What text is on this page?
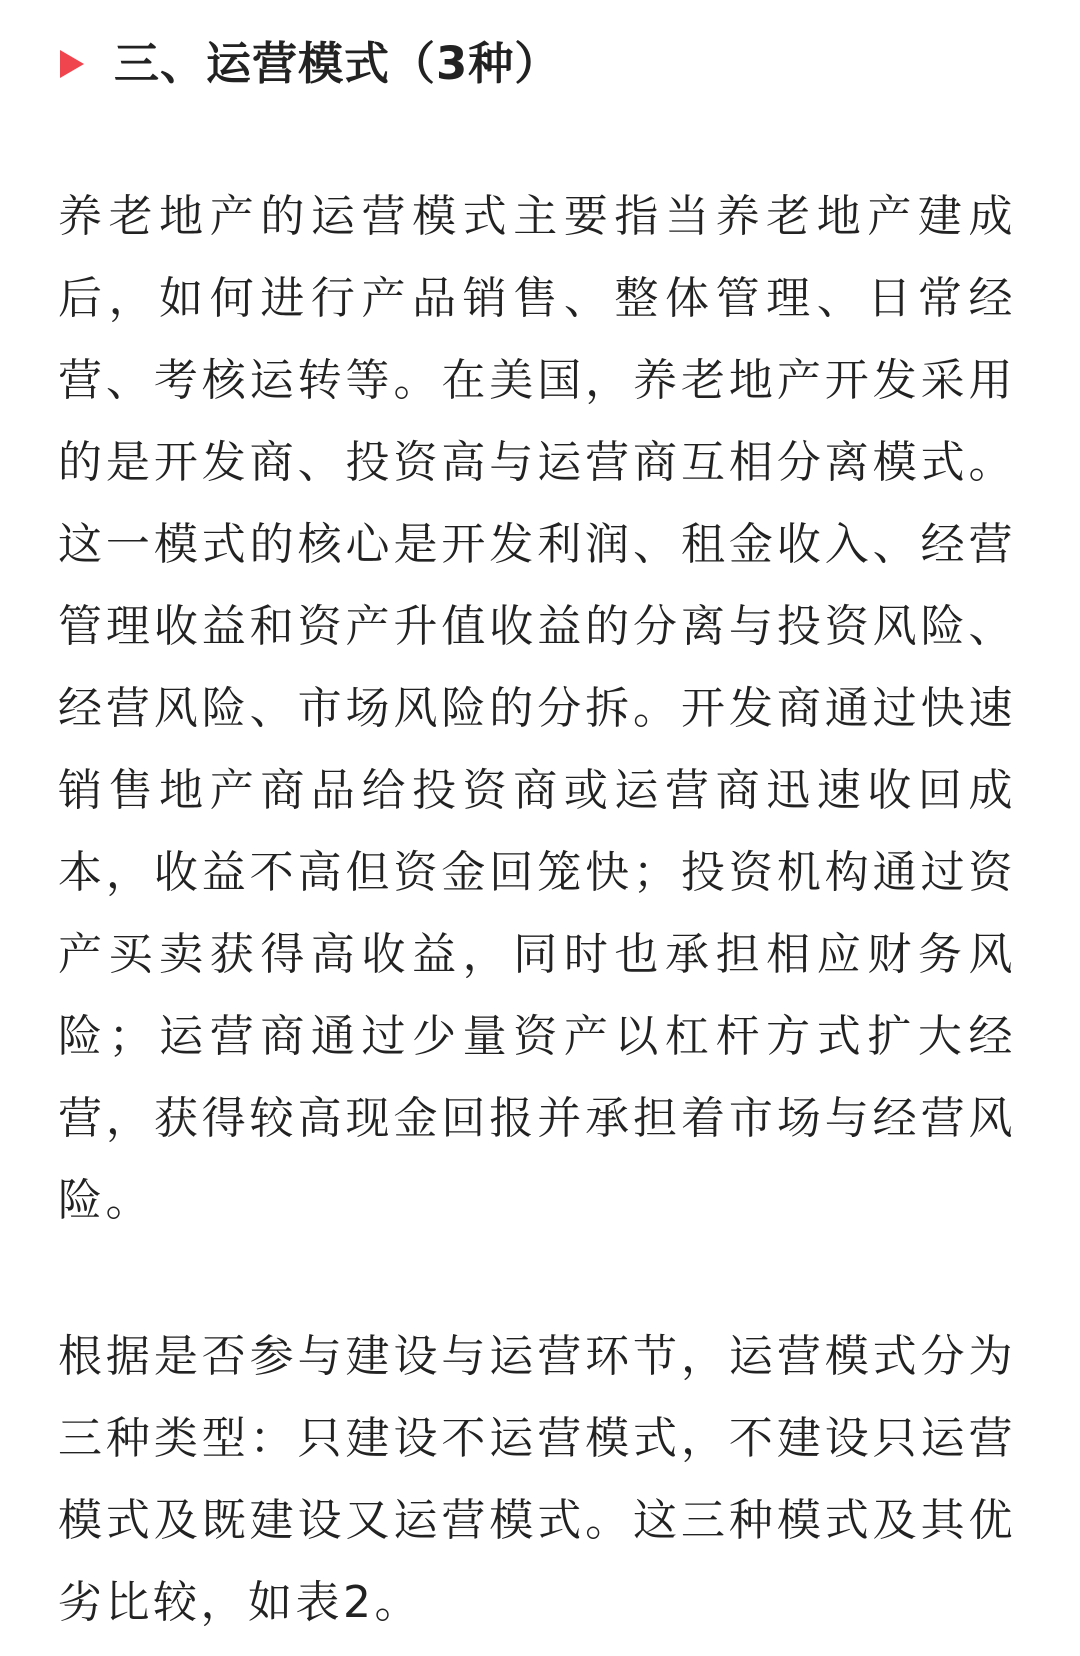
三、运营模式（3种）

养老地产的运营模式主要指当养老地产建成后，如何进行产品销售、整体管理、日常经营、考核运转等。在美国，养老地产开发采用的是开发商、投资高与运营商互相分离模式。这一模式的核心是开发利润、租金收入、经营管理收益和资产升值收益的分离与投资风险、经营风险、市场风险的分拆。开发商通过快速销售地产商品给投资商或运营商迅速收回成本，收益不高但资金回笼快；投资机构通过资产买卖获得高收益，同时也承担相应财务风险；运营商通过少量资产以杠杆方式扩大经营，获得较高现金回报并承担着市场与经营风险。

根据是否参与建设与运营环节，运营模式分为三种类型：只建设不运营模式，不建设只运营模式及既建设又运营模式。这三种模式及其优劣比较，如表2。
